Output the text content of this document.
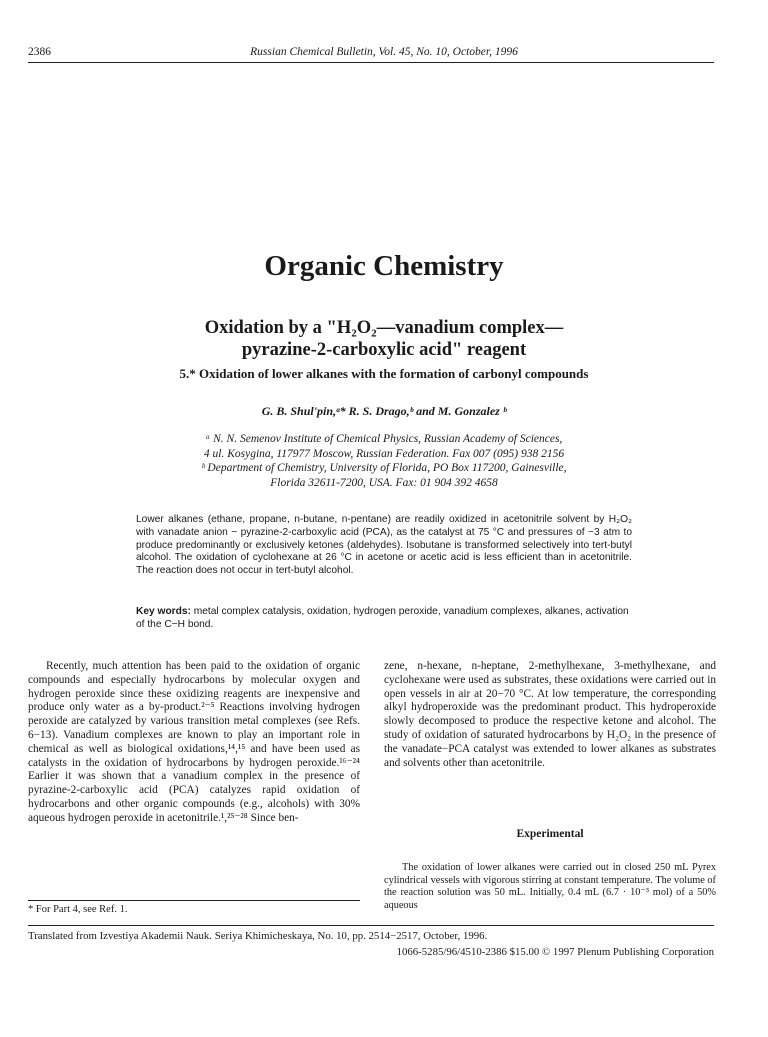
2386	Russian Chemical Bulletin, Vol. 45, No. 10, October, 1996
Organic Chemistry
Oxidation by a "H₂O₂—vanadium complex—
pyrazine-2-carboxylic acid" reagent
5.* Oxidation of lower alkanes with the formation of carbonyl compounds
G. B. Shul'pin,ᵃ* R. S. Drago,ᵇ and M. Gonzalez ᵇ
ᵃ N. N. Semenov Institute of Chemical Physics, Russian Academy of Sciences,
4 ul. Kosygina, 117977 Moscow, Russian Federation. Fax 007 (095) 938 2156
ᵇ Department of Chemistry, University of Florida, PO Box 117200, Gainesville,
Florida 32611-7200, USA. Fax: 01 904 392 4658
Lower alkanes (ethane, propane, n-butane, n-pentane) are readily oxidized in acetonitrile solvent by H₂O₂ with vanadate anion − pyrazine-2-carboxylic acid (PCA), as the catalyst at 75 °C and pressures of ~3 atm to produce predominantly or exclusively ketones (aldehydes). Isobutane is transformed selectively into tert-butyl alcohol. The oxidation of cyclohexane at 26 °C in acetone or acetic acid is less efficient than in acetonitrile. The reaction does not occur in tert-butyl alcohol.
Key words: metal complex catalysis, oxidation, hydrogen peroxide, vanadium complexes, alkanes, activation of the C−H bond.

Recently, much attention has been paid to the oxidation of organic compounds and especially hydrocarbons by molecular oxygen and hydrogen peroxide since these oxidizing reagents are inexpensive and produce only water as a by-product.²⁻⁵ Reactions involving hydrogen peroxide are catalyzed by various transition metal complexes (see Refs. 6−13). Vanadium complexes are known to play an important role in chemical as well as biological oxidations,¹⁴,¹⁵ and have been used as catalysts in the oxidation of hydrocarbons by hydrogen peroxide.¹⁶⁻²⁴ Earlier it was shown that a vanadium complex in the presence of pyrazine-2-carboxylic acid (PCA) catalyzes rapid oxidation of hydrocarbons and other organic compounds (e.g., alcohols) with 30% aqueous hydrogen peroxide in acetonitrile.¹,²⁵⁻²⁸ Since ben-

zene, n-hexane, n-heptane, 2-methylhexane, 3-methylhexane, and cyclohexane were used as substrates, these oxidations were carried out in open vessels in air at 20−70 °C. At low temperature, the corresponding alkyl hydroperoxide was the predominant product. This hydroperoxide slowly decomposed to produce the respective ketone and alcohol. The study of oxidation of saturated hydrocarbons by H₂O₂ in the presence of the vanadate−PCA catalyst was extended to lower alkanes as substrates and solvents other than acetonitrile.

Experimental

The oxidation of lower alkanes were carried out in closed 250 mL Pyrex cylindrical vessels with vigorous stirring at constant temperature. The volume of the reaction solution was 50 mL. Initially, 0.4 mL (6.7 · 10⁻³ mol) of a 50% aqueous

* For Part 4, see Ref. 1.
Translated from Izvestiya Akademii Nauk. Seriya Khimicheskaya, No. 10, pp. 2514−2517, October, 1996.
1066-5285/96/4510-2386 $15.00 © 1997 Plenum Publishing Corporation
